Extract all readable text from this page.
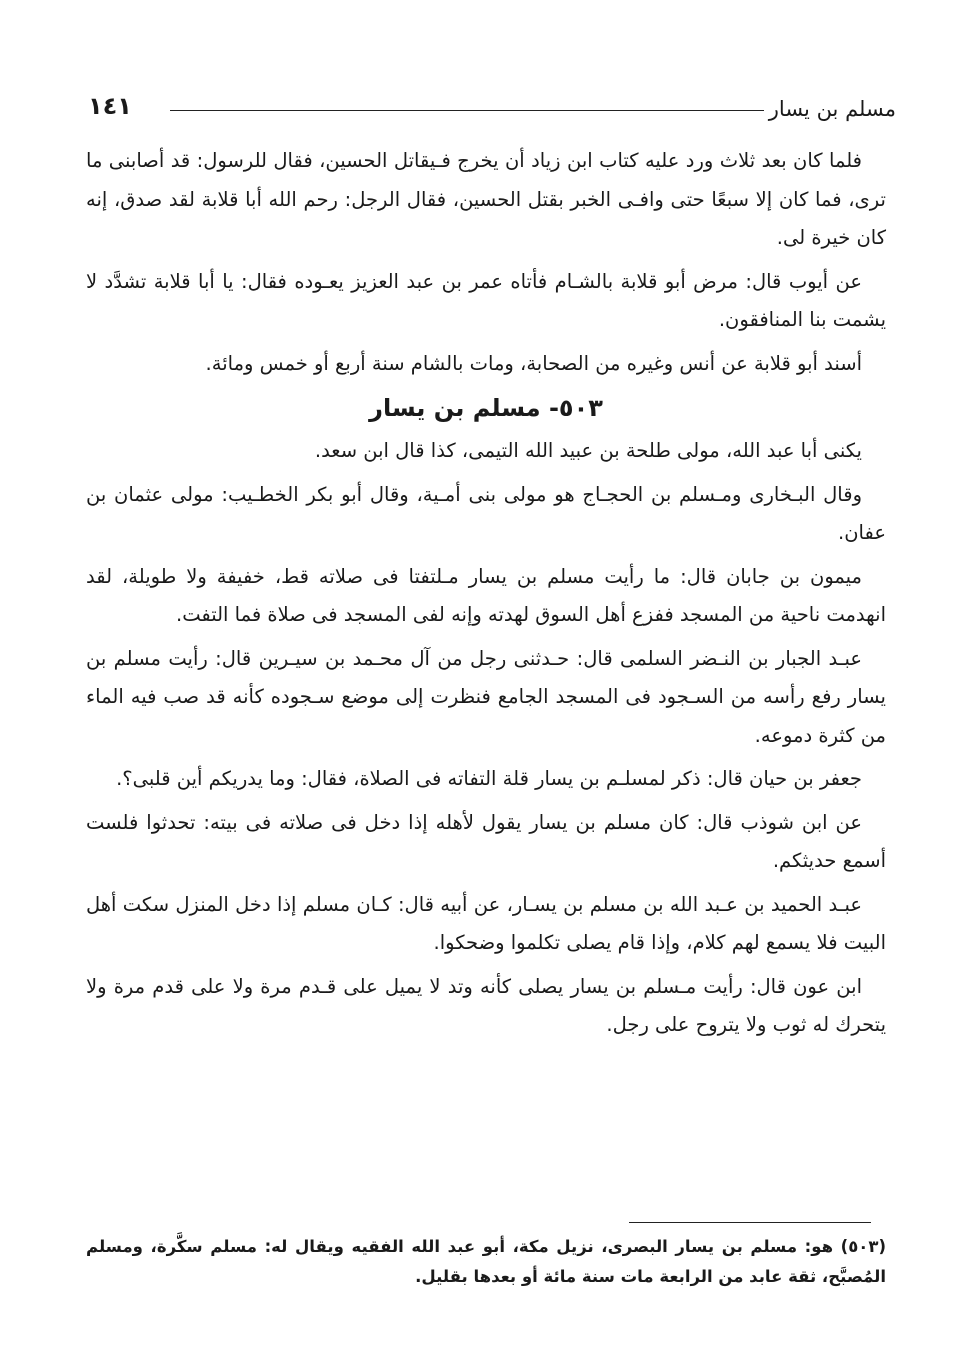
مسلم بن يسار
١٤١

فلما كان بعد ثلاث ورد عليه كتاب ابن زياد أن يخرج فـيقاتل الحسين، فقال للرسول: قد أصابنى ما ترى، فما كان إلا سبعًا حتى وافـى الخبر بقتل الحسين، فقال الرجل: رحم الله أبا قلابة لقد صدق، إنه كان خيرة لى.

عن أيوب قال: مرض أبو قلابة بالشـام فأتاه عمر بن عبد العزيز يعـوده فقال: يا أبا قلابة تشدَّد لا يشمت بنا المنافقون.

أسند أبو قلابة عن أنس وغيره من الصحابة، ومات بالشام سنة أربع أو خمس ومائة.

٥٠٣- مسلم بن يسار

يكنى أبا عبد الله، مولى طلحة بن عبيد الله التيمى، كذا قال ابن سعد.

وقال البـخارى ومـسلم بن الحجـاج هو مولى بنى أمـية، وقال أبو بكر الخطـيب: مولى عثمان بن عفان.

ميمون بن جابان قال: ما رأيت مسلم بن يسار مـلتفتا فى صلاته قط، خفيفة ولا طويلة، لقد انهدمت ناحية من المسجد ففزع أهل السوق لهدته وإنه لفى المسجد فى صلاة فما التفت.

عبـد الجبار بن النـضر السلمى قال: حـدثنى رجل من آل محـمد بن سيـرين قال: رأيت مسلم بن يسار رفع رأسه من السـجود فى المسجد الجامع فنظرت إلى موضع سـجوده كأنه قد صب فيه الماء من كثرة دموعه.

جعفر بن حيان قال: ذكر لمسلـم بن يسار قلة التفاته فى الصلاة، فقال: وما يدريكم أين قلبى؟.

عن ابن شوذب قال: كان مسلم بن يسار يقول لأهله إذا دخل فى صلاته فى بيته: تحدثوا فلست أسمع حديثكم.

عبـد الحميد بن عـبد الله بن مسلم بن يسـار، عن أبيه قال: كـان مسلم إذا دخل المنزل سكت أهل البيت فلا يسمع لهم كلام، وإذا قام يصلى تكلموا وضحكوا.

ابن عون قال: رأيت مـسلم بن يسار يصلى كأنه وتد لا يميل على قـدم مرة ولا على قدم مرة ولا يتحرك له ثوب ولا يتروح على رجل.

(٥٠٣) هو: مسلم بن يسار البصرى، نزيل مكة، أبو عبد الله الفقيه ويقال له: مسلم سكَّرة، ومسلم المُصبَّح، ثقة عابد من الرابعة مات سنة مائة أو بعدها بقليل.
